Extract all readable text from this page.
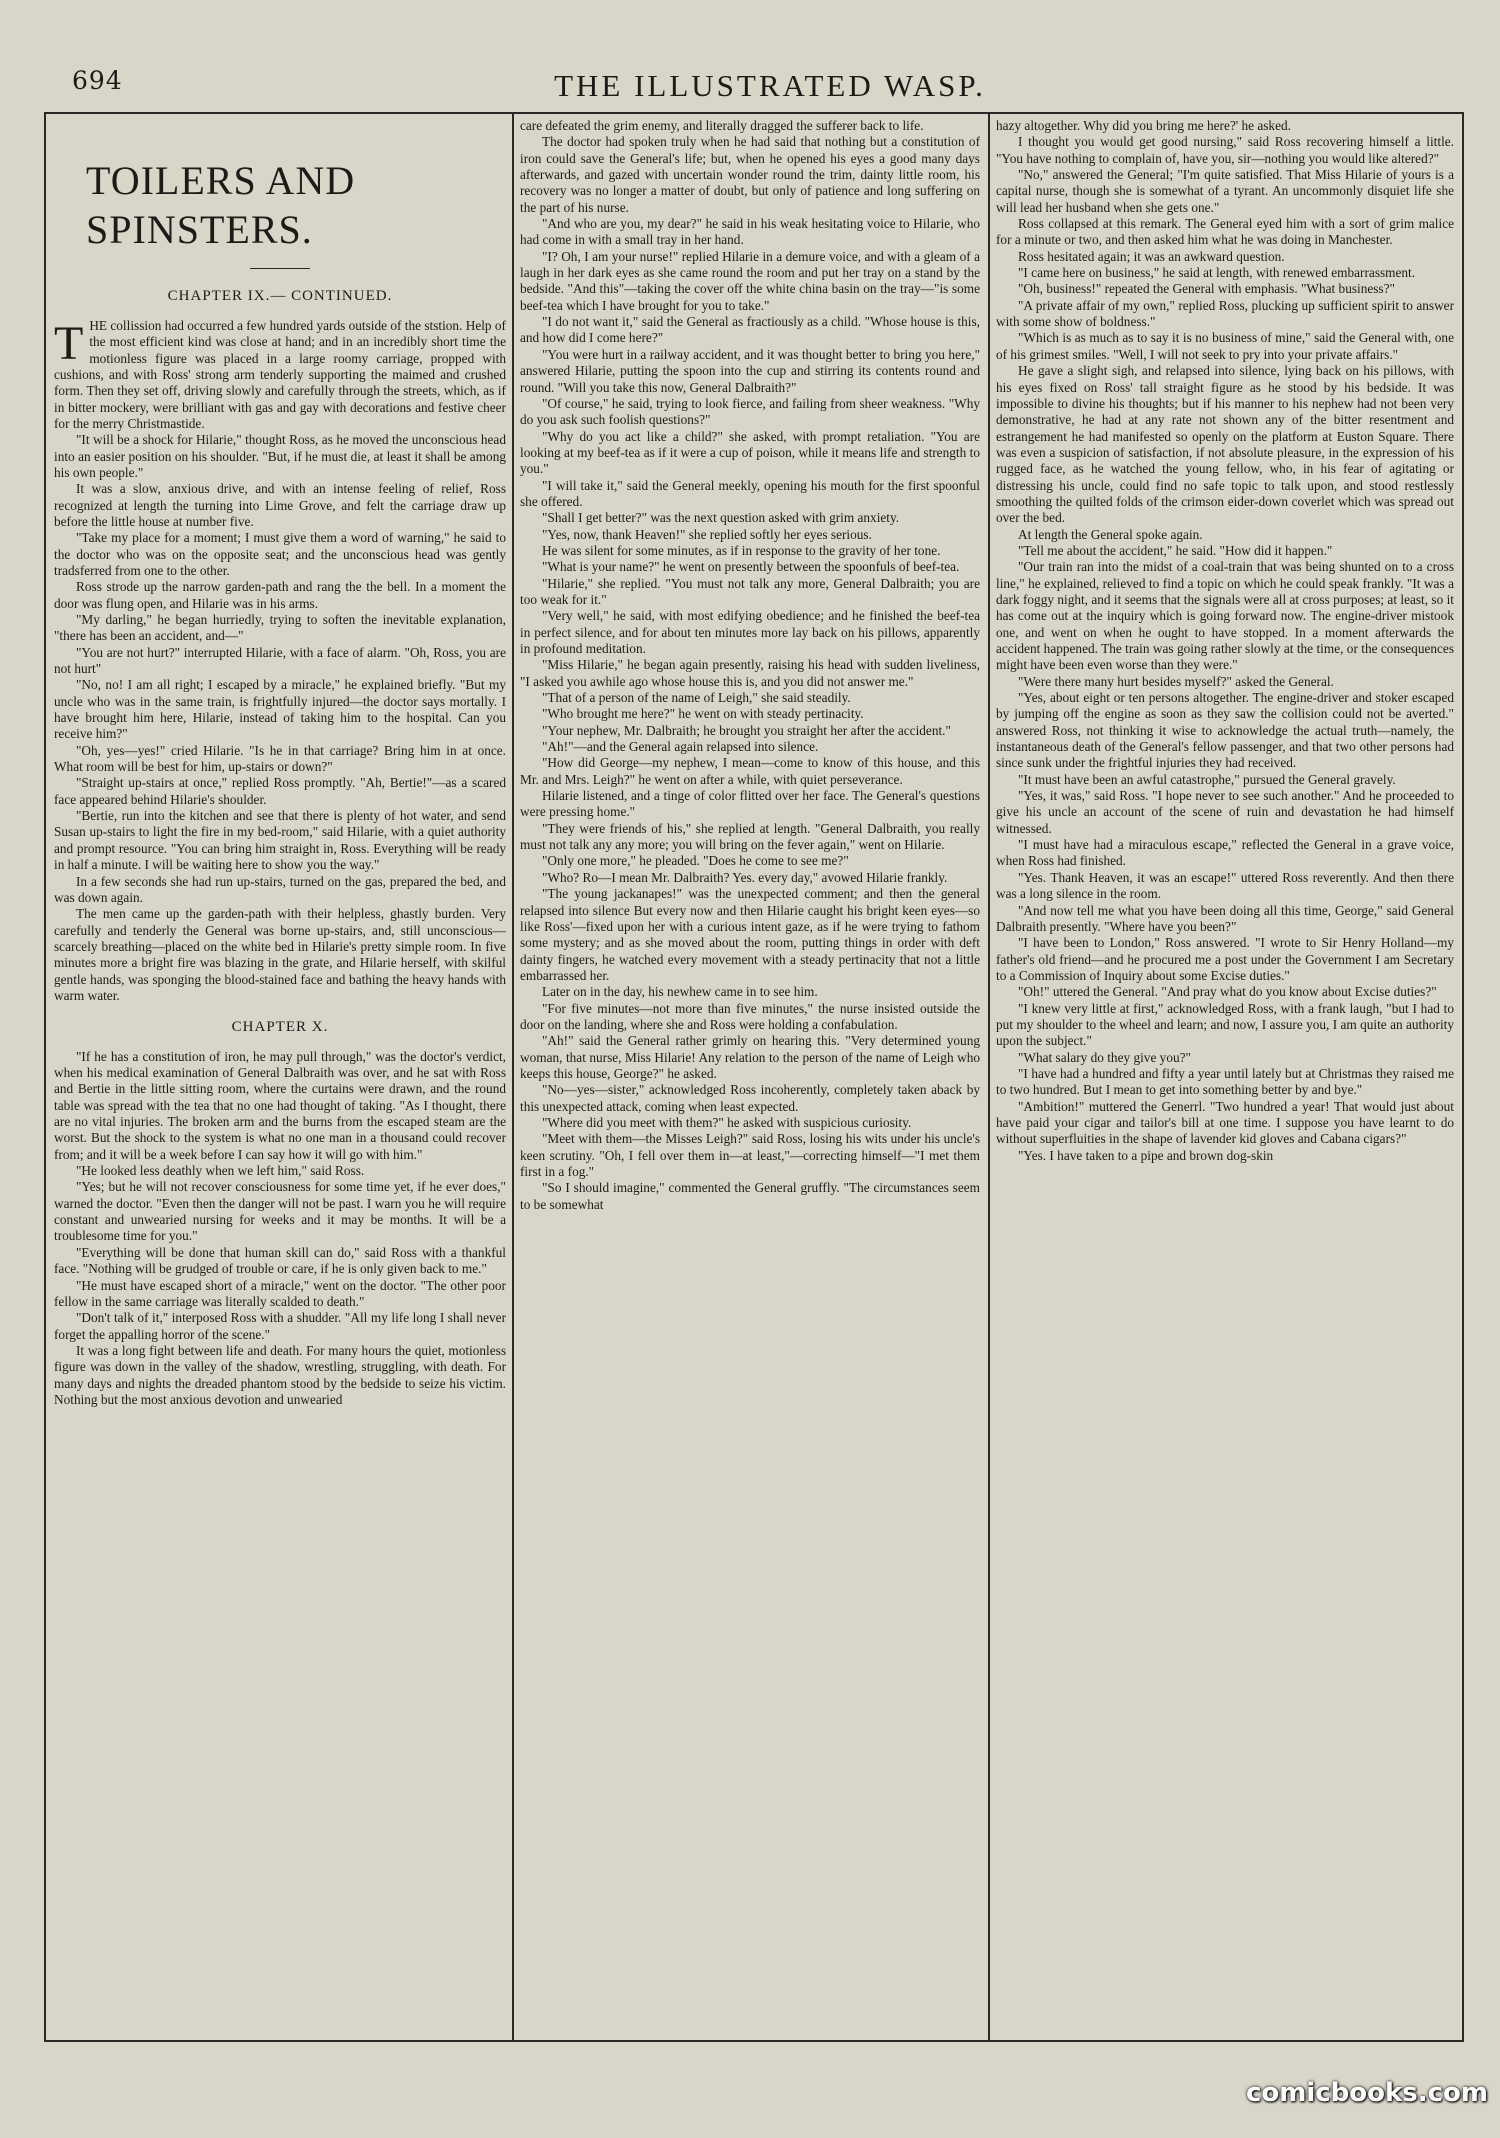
694	THE ILLUSTRATED WASP.
TOILERS AND SPINSTERS.
CHAPTER IX.— CONTINUED.
T HE collission had occurred a few hundred yards outside of the ststion. Help of the most efficient kind was close at hand; and in an incredibly short time the motionless figure was placed in a large roomy carriage, propped with cushions, and with Ross' strong arm tenderly supporting the maimed and crushed form. Then they set off, driving slowly and carefully through the streets, which, as if in bitter mockery, were brilliant with gas and gay with decorations and festive cheer for the merry Christmastide.

"It will be a shock for Hilarie," thought Ross, as he moved the unconscious head into an easier position on his shoulder. "But, if he must die, at least it shall be among his own people."

It was a slow, anxious drive, and with an intense feeling of relief, Ross recognized at length the turning into Lime Grove, and felt the carriage draw up before the little house at number five.

"Take my place for a moment; I must give them a word of warning," he said to the doctor who was on the opposite seat; and the unconscious head was gently tradsferred from one to the other.

Ross strode up the narrow garden-path and rang the the bell. In a moment the door was flung open, and Hilarie was in his arms.

"My darling," he began hurriedly, trying to soften the inevitable explanation, "there has been an accident, and—"

"You are not hurt?" interrupted Hilarie, with a face of alarm. "Oh, Ross, you are not hurt"

"No, no! I am all right; I escaped by a miracle," he explained briefly. "But my uncle who was in the same train, is frightfully injured—the doctor says mortally. I have brought him here, Hilarie, instead of taking him to the hospital. Can you receive him?"

"Oh, yes—yes!" cried Hilarie. "Is he in that carriage? Bring him in at once. What room will be best for him, up-stairs or down?"

"Straight up-stairs at once," replied Ross promptly. "Ah, Bertie!"—as a scared face appeared behind Hilarie's shoulder.

"Bertie, run into the kitchen and see that there is plenty of hot water, and send Susan up-stairs to light the fire in my bed-room," said Hilarie, with a quiet authority and prompt resource. "You can bring him straight in, Ross. Everything will be ready in half a minute. I will be waiting here to show you the way."

In a few seconds she had run up-stairs, turned on the gas, prepared the bed, and was down again.

The men came up the garden-path with their helpless, ghastly burden. Very carefully and tenderly the General was borne up-stairs, and, still unconscious—scarcely breathing—placed on the white bed in Hilarie's pretty simple room. In five minutes more a bright fire was blazing in the grate, and Hilarie herself, with skilful gentle hands, was sponging the blood-stained face and bathing the heavy hands with warm water.

CHAPTER X.

"If he has a constitution of iron, he may pull through," was the doctor's verdict, when his medical examination of General Dalbraith was over, and he sat with Ross and Bertie in the little sitting room, where the curtains were drawn, and the round table was spread with the tea that no one had thought of taking. "As I thought, there are no vital injuries. The broken arm and the burns from the escaped steam are the worst. But the shock to the system is what no one man in a thousand could recover from; and it will be a week before I can say how it will go with him."

"He looked less deathly when we left him," said Ross.

"Yes; but he will not recover consciousness for some time yet, if he ever does," warned the doctor. "Even then the danger will not be past. I warn you he will require constant and unwearied nursing for weeks and it may be months. It will be a troublesome time for you."

"Everything will be done that human skill can do," said Ross with a thankful face. "Nothing will be grudged of trouble or care, if he is only given back to me."

"He must have escaped short of a miracle," went on the doctor. "The other poor fellow in the same carriage was literally scalded to death."

"Don't talk of it," interposed Ross with a shudder. "All my life long I shall never forget the appalling horror of the scene."

It was a long fight between life and death. For many hours the quiet, motionless figure was down in the valley of the shadow, wrestling, struggling, with death. For many days and nights the dreaded phantom stood by the bedside to seize his victim. Nothing but the most anxious devotion and unwearied

care defeated the grim enemy, and literally dragged the sufferer back to life.

The doctor had spoken truly when he had said that nothing but a constitution of iron could save the General's life; but, when he opened his eyes a good many days afterwards, and gazed with uncertain wonder round the trim, dainty little room, his recovery was no longer a matter of doubt, but only of patience and long suffering on the part of his nurse.

"And who are you, my dear?" he said in his weak hesitating voice to Hilarie, who had come in with a small tray in her hand.

"I? Oh, I am your nurse!" replied Hilarie in a demure voice, and with a gleam of a laugh in her dark eyes as she came round the room and put her tray on a stand by the bedside. "And this"—taking the cover off the white china basin on the tray—"is some beef-tea which I have brought for you to take."

"I do not want it," said the General as fractiously as a child. "Whose house is this, and how did I come here?"

"You were hurt in a railway accident, and it was thought better to bring you here," answered Hilarie, putting the spoon into the cup and stirring its contents round and round. "Will you take this now, General Dalbraith?"

"Of course," he said, trying to look fierce, and failing from sheer weakness. "Why do you ask such foolish questions?"

"Why do you act like a child?" she asked, with prompt retaliation. "You are looking at my beef-tea as if it were a cup of poison, while it means life and strength to you."

"I will take it," said the General meekly, opening his mouth for the first spoonful she offered.

"Shall I get better?" was the next question asked with grim anxiety.

"Yes, now, thank Heaven!" she replied softly her eyes serious.

He was silent for some minutes, as if in response to the gravity of her tone.

"What is your name?" he went on presently between the spoonfuls of beef-tea.

"Hilarie," she replied. "You must not talk any more, General Dalbraith; you are too weak for it."

"Very well," he said, with most edifying obedience; and he finished the beef-tea in perfect silence, and for about ten minutes more lay back on his pillows, apparently in profound meditation.

"Miss Hilarie," he began again presently, raising his head with sudden liveliness, "I asked you awhile ago whose house this is, and you did not answer me."

"That of a person of the name of Leigh," she said steadily.

"Who brought me here?" he went on with steady pertinacity.

"Your nephew, Mr. Dalbraith; he brought you straight her after the accident."

"Ah!"—and the General again relapsed into silence.

"How did George—my nephew, I mean—come to know of this house, and this Mr. and Mrs. Leigh?" he went on after a while, with quiet perseverance.

Hilarie listened, and a tinge of color flitted over her face. The General's questions were pressing home."

"They were friends of his," she replied at length. "General Dalbraith, you really must not talk any any more; you will bring on the fever again," went on Hilarie.

"Only one more," he pleaded. "Does he come to see me?"

"Who? Ro—I mean Mr. Dalbraith? Yes. every day," avowed Hilarie frankly.

"The young jackanapes!" was the unexpected comment; and then the general relapsed into silence But every now and then Hilarie caught his bright keen eyes—so like Ross'—fixed upon her with a curious intent gaze, as if he were trying to fathom some mystery; and as she moved about the room, putting things in order with deft dainty fingers, he watched every movement with a steady pertinacity that not a little embarrassed her.

Later on in the day, his newhew came in to see him.

"For five minutes—not more than five minutes," the nurse insisted outside the door on the landing, where she and Ross were holding a confabulation.

"Ah!" said the General rather grimly on hearing this. "Very determined young woman, that nurse, Miss Hilarie! Any relation to the person of the name of Leigh who keeps this house, George?" he asked.

"No—yes—sister," acknowledged Ross incoherently, completely taken aback by this unexpected attack, coming when least expected.

"Where did you meet with them?" he asked with suspicious curiosity.

"Meet with them—the Misses Leigh?" said Ross, losing his wits under his uncle's keen scrutiny. "Oh, I fell over them in—at least,"—correcting himself—"I met them first in a fog."

"So I should imagine," commented the General gruffly. "The circumstances seem to be somewhat

hazy altogether. Why did you bring me here?' he asked.

I thought you would get good nursing," said Ross recovering himself a little. "You have nothing to complain of, have you, sir—nothing you would like altered?"

"No," answered the General; "I'm quite satisfied. That Miss Hilarie of yours is a capital nurse, though she is somewhat of a tyrant. An uncommonly disquiet life she will lead her husband when she gets one."

Ross collapsed at this remark. The General eyed him with a sort of grim malice for a minute or two, and then asked him what he was doing in Manchester.

Ross hesitated again; it was an awkward question.

"I came here on business," he said at length, with renewed embarrassment.

"Oh, business!" repeated the General with emphasis. "What business?"

"A private affair of my own," replied Ross, plucking up sufficient spirit to answer with some show of boldness."

"Which is as much as to say it is no business of mine," said the General with, one of his grimest smiles. "Well, I will not seek to pry into your private affairs."

He gave a slight sigh, and relapsed into silence, lying back on his pillows, with his eyes fixed on Ross' tall straight figure as he stood by his bedside. It was impossible to divine his thoughts; but if his manner to his nephew had not been very demonstrative, he had at any rate not shown any of the bitter resentment and estrangement he had manifested so openly on the platform at Euston Square. There was even a suspicion of satisfaction, if not absolute pleasure, in the expression of his rugged face, as he watched the young fellow, who, in his fear of agitating or distressing his uncle, could find no safe topic to talk upon, and stood restlessly smoothing the quilted folds of the crimson eider-down coverlet which was spread out over the bed.

At length the General spoke again.

"Tell me about the accident," he said. "How did it happen."

"Our train ran into the midst of a coal-train that was being shunted on to a cross line," he explained, relieved to find a topic on which he could speak frankly. "It was a dark foggy night, and it seems that the signals were all at cross purposes; at least, so it has come out at the inquiry which is going forward now. The engine-driver mistook one, and went on when he ought to have stopped. In a moment afterwards the accident happened. The train was going rather slowly at the time, or the consequences might have been even worse than they were."

"Were there many hurt besides myself?" asked the General.

"Yes, about eight or ten persons altogether. The engine-driver and stoker escaped by jumping off the engine as soon as they saw the collision could not be averted." answered Ross, not thinking it wise to acknowledge the actual truth—namely, the instantaneous death of the General's fellow passenger, and that two other persons had since sunk under the frightful injuries they had received.

"It must have been an awful catastrophe," pursued the General gravely.

"Yes, it was," said Ross. "I hope never to see such another." And he proceeded to give his uncle an account of the scene of ruin and devastation he had himself witnessed.

"I must have had a miraculous escape," reflected the General in a grave voice, when Ross had finished.

"Yes. Thank Heaven, it was an escape!" uttered Ross reverently. And then there was a long silence in the room.

"And now tell me what you have been doing all this time, George," said General Dalbraith presently. "Where have you been?"

"I have been to London," Ross answered. "I wrote to Sir Henry Holland—my father's old friend—and he procured me a post under the Government I am Secretary to a Commission of Inquiry about some Excise duties."

"Oh!" uttered the General. "And pray what do you know about Excise duties?"

"I knew very little at first," acknowledged Ross, with a frank laugh, "but I had to put my shoulder to the wheel and learn; and now, I assure you, I am quite an authority upon the subject."

"What salary do they give you?"

"I have had a hundred and fifty a year until lately but at Christmas they raised me to two hundred. But I mean to get into something better by and bye."

"Ambition!" muttered the Generrl. "Two hundred a year! That would just about have paid your cigar and tailor's bill at one time. I suppose you have learnt to do without superfluities in the shape of lavender kid gloves and Cabana cigars?"

"Yes. I have taken to a pipe and brown dog-skin

comicbooks.com
